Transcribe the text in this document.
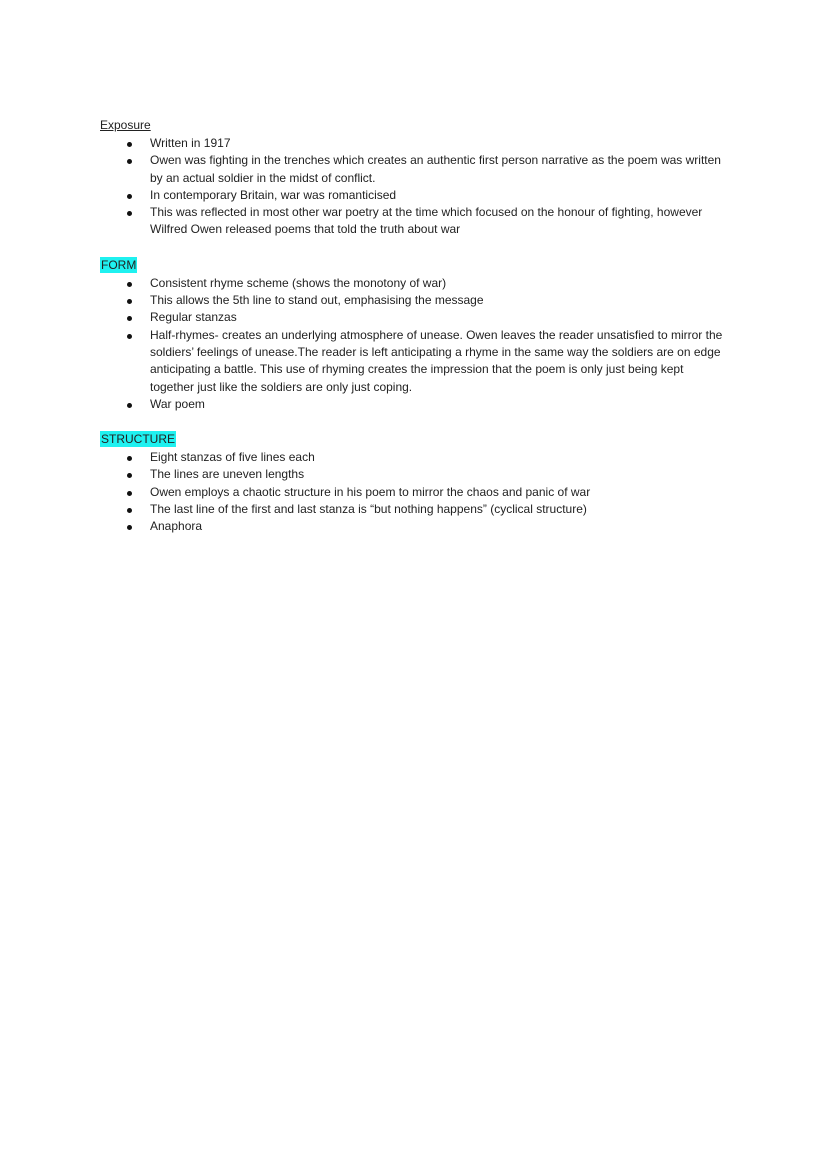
Exposure
Written in 1917
Owen was fighting in the trenches which creates an authentic first person narrative as the poem was written by an actual soldier in the midst of conflict.
In contemporary Britain, war was romanticised
This was reflected in most other war poetry at the time which focused on the honour of fighting, however Wilfred Owen released poems that told the truth about war
FORM
Consistent rhyme scheme (shows the monotony of war)
This allows the 5th line to stand out, emphasising the message
Regular stanzas
Half-rhymes- creates an underlying atmosphere of unease. Owen leaves the reader unsatisfied to mirror the soldiers’ feelings of unease.The reader is left anticipating a rhyme in the same way the soldiers are on edge anticipating a battle. This use of rhyming creates the impression that the poem is only just being kept together just like the soldiers are only just coping.
War poem
STRUCTURE
Eight stanzas of five lines each
The lines are uneven lengths
Owen employs a chaotic structure in his poem to mirror the chaos and panic of war
The last line of the first and last stanza is “but nothing happens” (cyclical structure)
Anaphora
